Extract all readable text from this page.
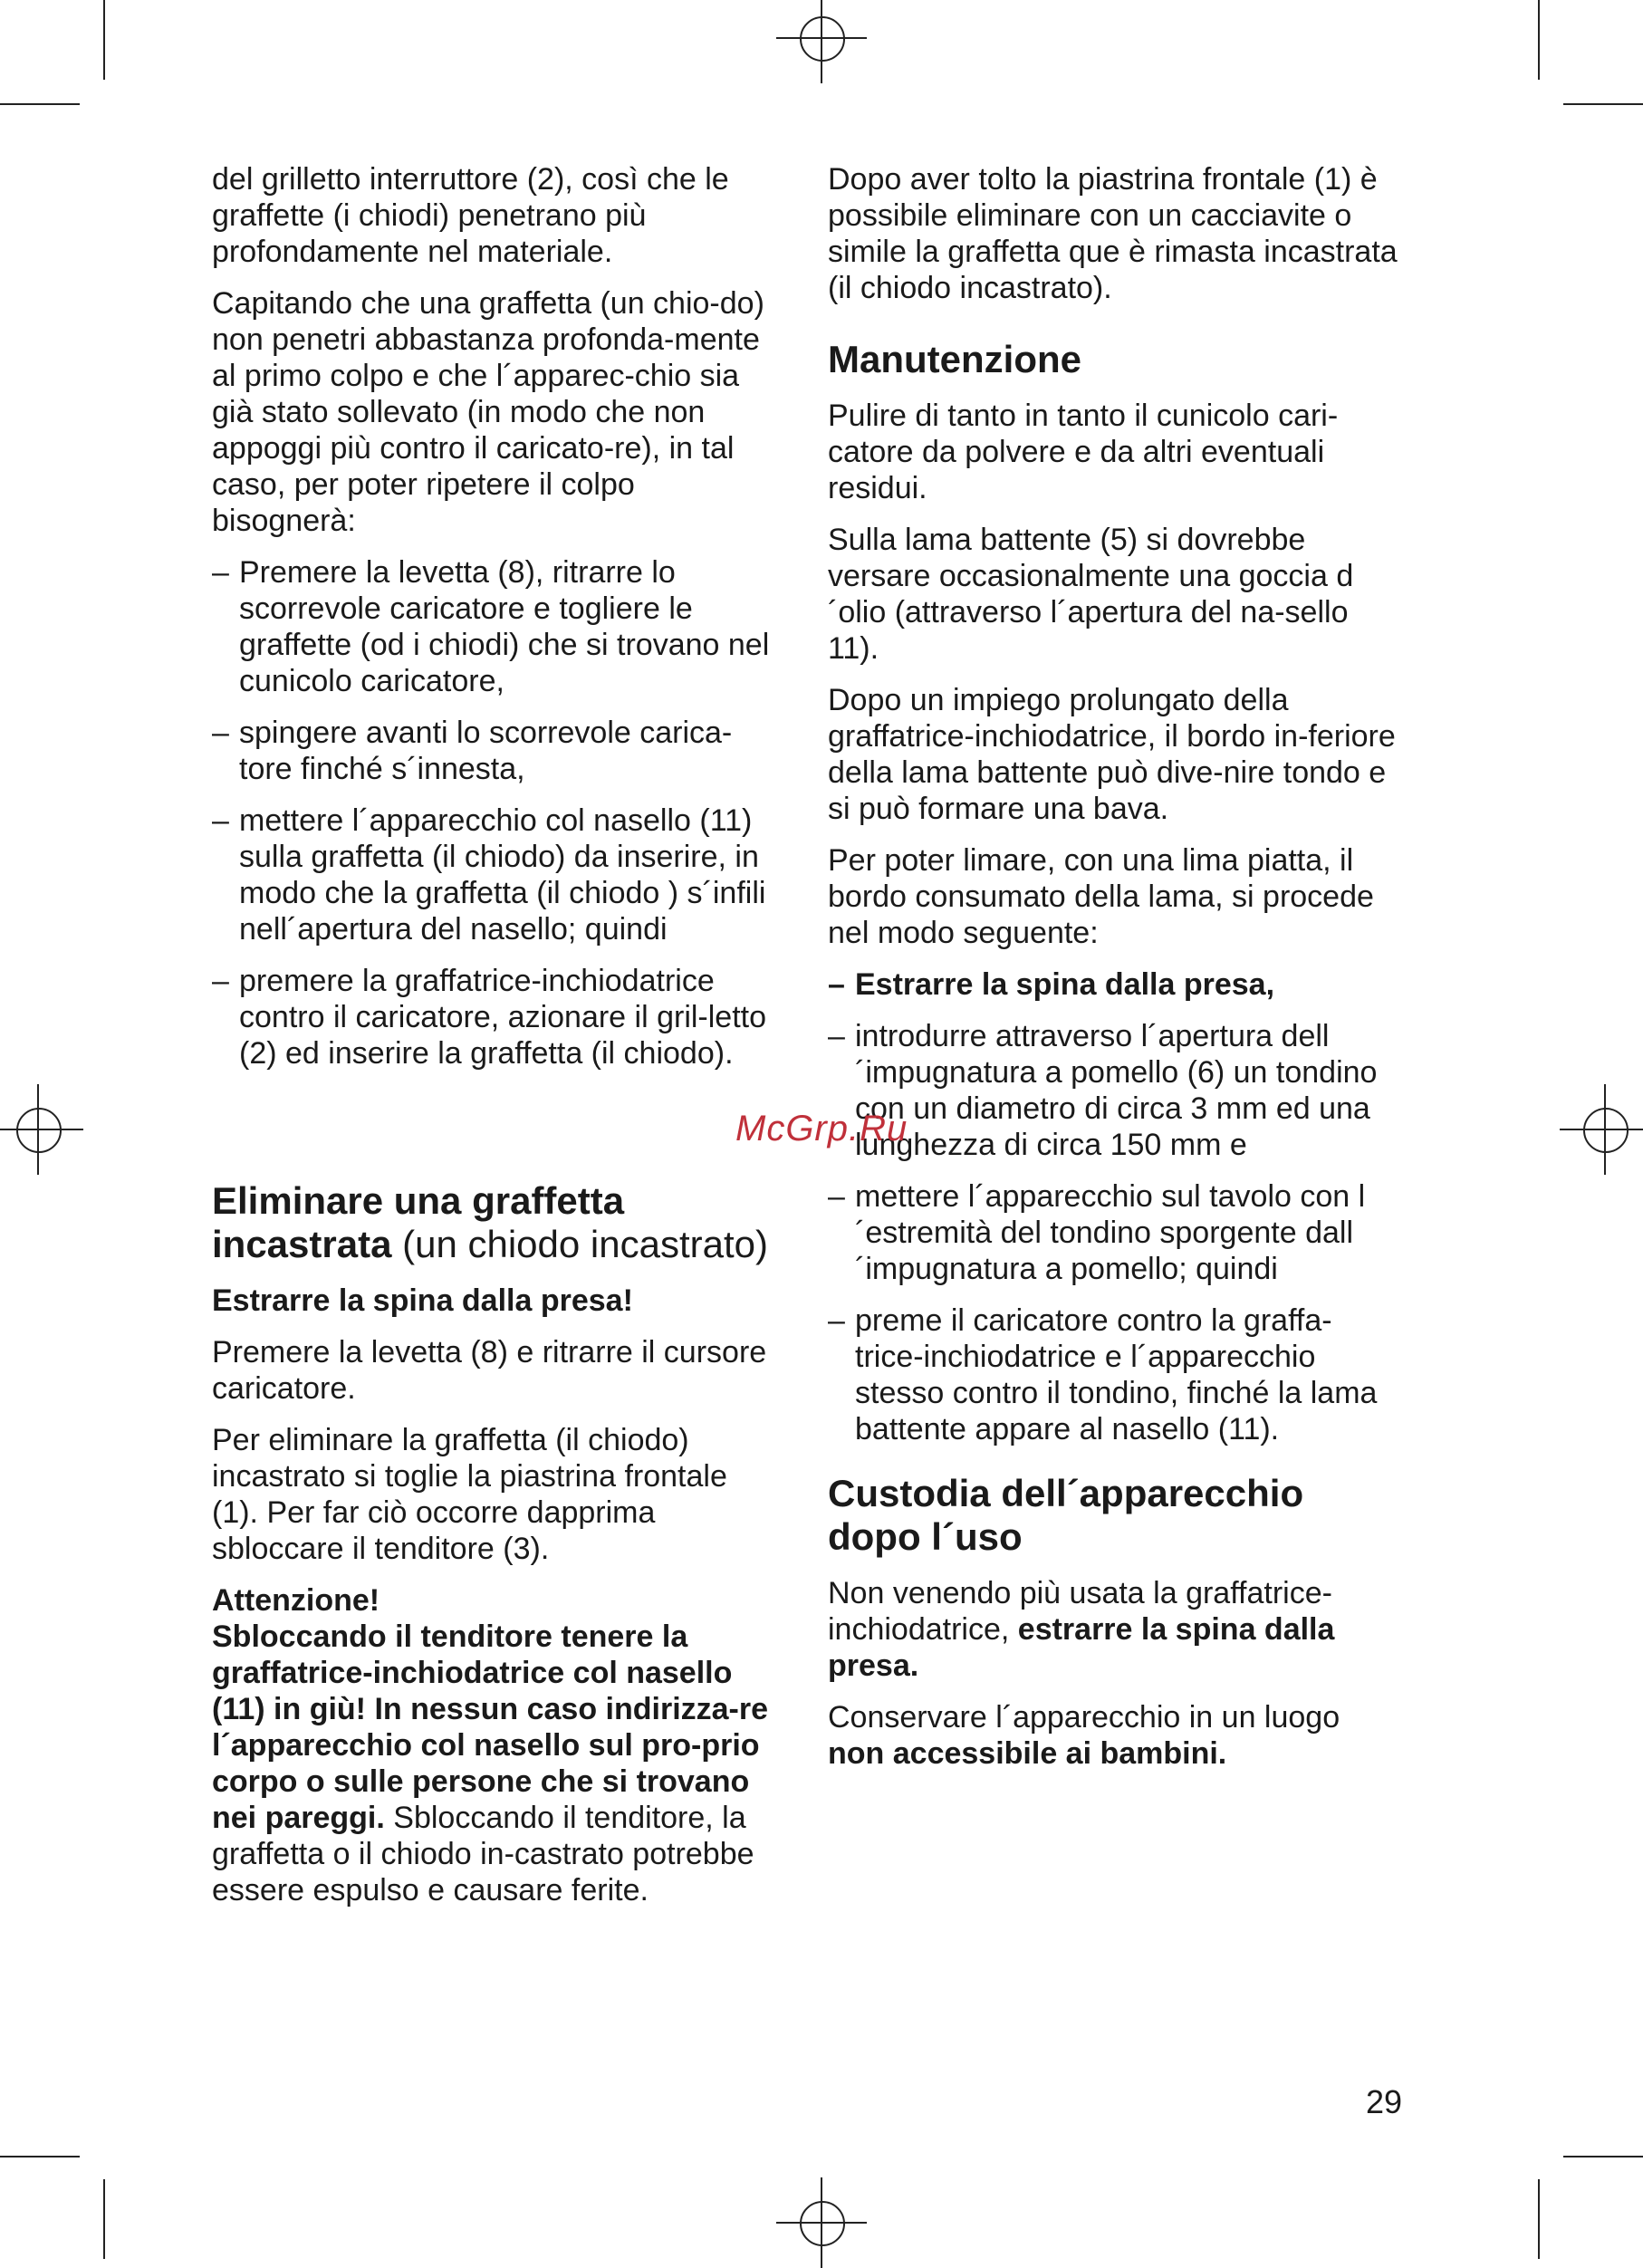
del grilletto interruttore (2), così che le graffette (i chiodi) penetrano più profondamente nel materiale.

Capitando che una graffetta (un chio-do) non penetri abbastanza profonda-mente al primo colpo e che l´apparec-chio sia già stato sollevato (in modo che non appoggi più contro il caricato-re), in tal caso, per poter ripetere il colpo bisognerà:

– Premere la levetta (8), ritrarre lo scorrevole caricatore e togliere le graffette (od i chiodi) che si trovano nel cunicolo caricatore,
– spingere avanti lo scorrevole carica-tore finché s´innesta,
– mettere l´apparecchio col nasello (11) sulla graffetta (il chiodo) da inserire, in modo che la graffetta (il chiodo ) s´infili nell´apertura del nasello; quindi
– premere la graffatrice-inchiodatrice contro il caricatore, azionare il gril-letto (2) ed inserire la graffetta (il chiodo).
Eliminare una graffetta incastrata (un chiodo incastrato)

Estrarre la spina dalla presa!

Premere la levetta (8) e ritrarre il cursore caricatore.

Per eliminare la graffetta (il chiodo) incastrato si toglie la piastrina frontale (1). Per far ciò occorre dapprima sbloccare il tenditore (3).

Attenzione!

Sbloccando il tenditore tenere la graffatrice-inchiodatrice col nasello (11) in giù! In nessun caso indirizza-re l´apparecchio col nasello sul pro-prio corpo o sulle persone che si trovano nei pareggi. Sbloccando il tenditore, la graffetta o il chiodo in-castrato potrebbe essere espulso e causare ferite.

Dopo aver tolto la piastrina frontale (1) è possibile eliminare con un cacciavite o simile la graffetta que è rimasta incastrata (il chiodo incastrato).

Manutenzione

Pulire di tanto in tanto il cunicolo cari-catore da polvere e da altri eventuali residui.

Sulla lama battente (5) si dovrebbe versare occasionalmente una goccia d´olio (attraverso l´apertura del na-sello 11).

Dopo un impiego prolungato della graffatrice-inchiodatrice, il bordo in-feriore della lama battente può dive-nire tondo e si può formare una bava.

Per poter limare, con una lima piatta, il bordo consumato della lama, si procede nel modo seguente:

– Estrarre la spina dalla presa,
– introdurre attraverso l´apertura dell´impugnatura a pomello (6) un tondino con un diametro di circa 3 mm ed una lunghezza di circa 150 mm e
– mettere l´apparecchio sul tavolo con l´estremità del tondino sporgente dall´impugnatura a pomello; quindi
– preme il caricatore contro la graffa-trice-inchiodatrice e l´apparecchio stesso contro il tondino, finché la lama battente appare al nasello (11).
Custodia dell´apparecchio dopo l´uso

Non venendo più usata la graffatrice-inchiodatrice, estrarre la spina dalla presa.

Conservare l´apparecchio in un luogo non accessibile ai bambini.

McGrp.Ru
29
